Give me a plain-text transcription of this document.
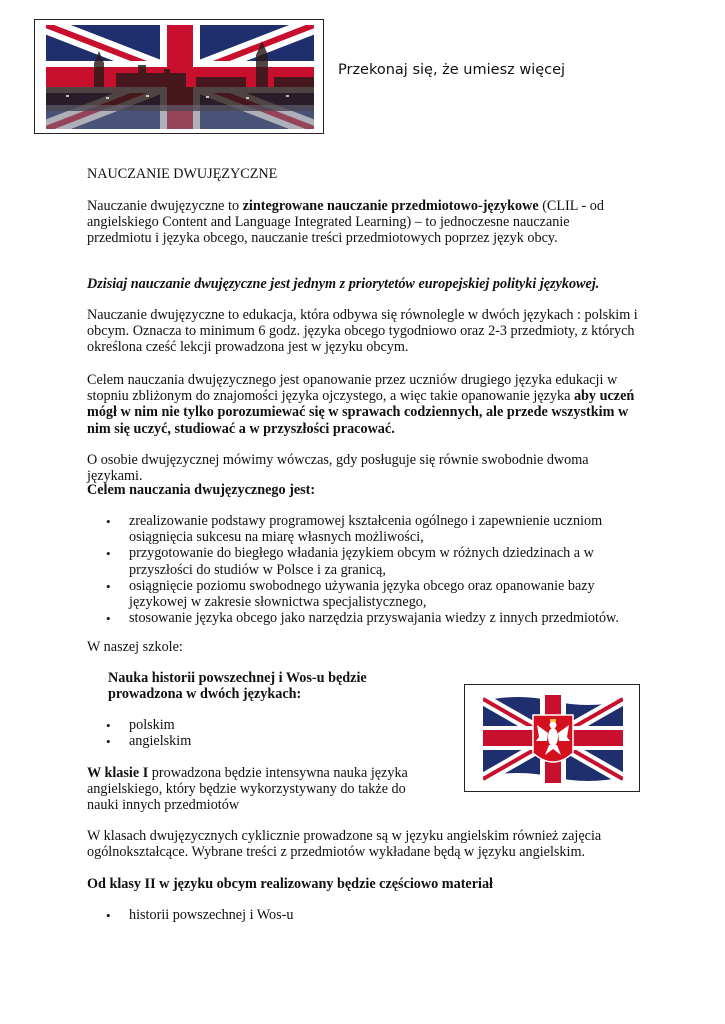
Przekonaj się, że umiesz więcej

NAUCZANIE DWUJĘZYCZNE

Nauczanie dwujęzyczne to zintegrowane nauczanie przedmiotowo-językowe (CLIL - od angielskiego Content and Language Integrated Learning) – to jednoczesne nauczanie przedmiotu i języka obcego, nauczanie treści przedmiotowych poprzez język obcy.

Dzisiaj nauczanie dwujęzyczne jest jednym z priorytetów europejskiej polityki językowej.

Nauczanie dwujęzyczne to edukacja, która odbywa się równolegle w dwóch językach : polskim i obcym. Oznacza to minimum 6 godz. języka obcego tygodniowo oraz 2-3 przedmioty, z których określona cześć lekcji prowadzona jest w języku obcym.

Celem nauczania dwujęzycznego jest opanowanie przez uczniów drugiego języka edukacji w stopniu zbliżonym do znajomości języka ojczystego, a więc takie opanowanie języka aby uczeń mógł w nim nie tylko porozumiewać się w sprawach codziennych, ale przede wszystkim w nim się uczyć, studiować a w przyszłości pracować.

O osobie dwujęzycznej mówimy wówczas, gdy posługuje się równie swobodnie dwoma językami.

Celem nauczania dwujęzycznego jest:

• zrealizowanie podstawy programowej kształcenia ogólnego i zapewnienie uczniom osiągnięcia sukcesu na miarę własnych możliwości,
• przygotowanie do biegłego władania językiem obcym w różnych dziedzinach a w przyszłości do studiów w Polsce i za granicą,
• osiągnięcie poziomu swobodnego używania języka obcego oraz opanowanie bazy językowej w zakresie słownictwa specjalistycznego,
• stosowanie języka obcego jako narzędzia przyswajania wiedzy z innych przedmiotów.

W naszej szkole:

Nauka historii powszechnej i Wos-u będzie prowadzona w dwóch językach:

• polskim
• angielskim

W klasie I prowadzona będzie intensywna nauka języka angielskiego, który będzie wykorzystywany do także do nauki innych przedmiotów

W klasach dwujęzycznych cyklicznie prowadzone są w języku angielskim również zajęcia ogólnokształcące. Wybrane treści z przedmiotów wykładane będą w języku angielskim.

Od klasy II w języku obcym realizowany będzie częściowo materiał

• historii powszechnej i Wos-u
